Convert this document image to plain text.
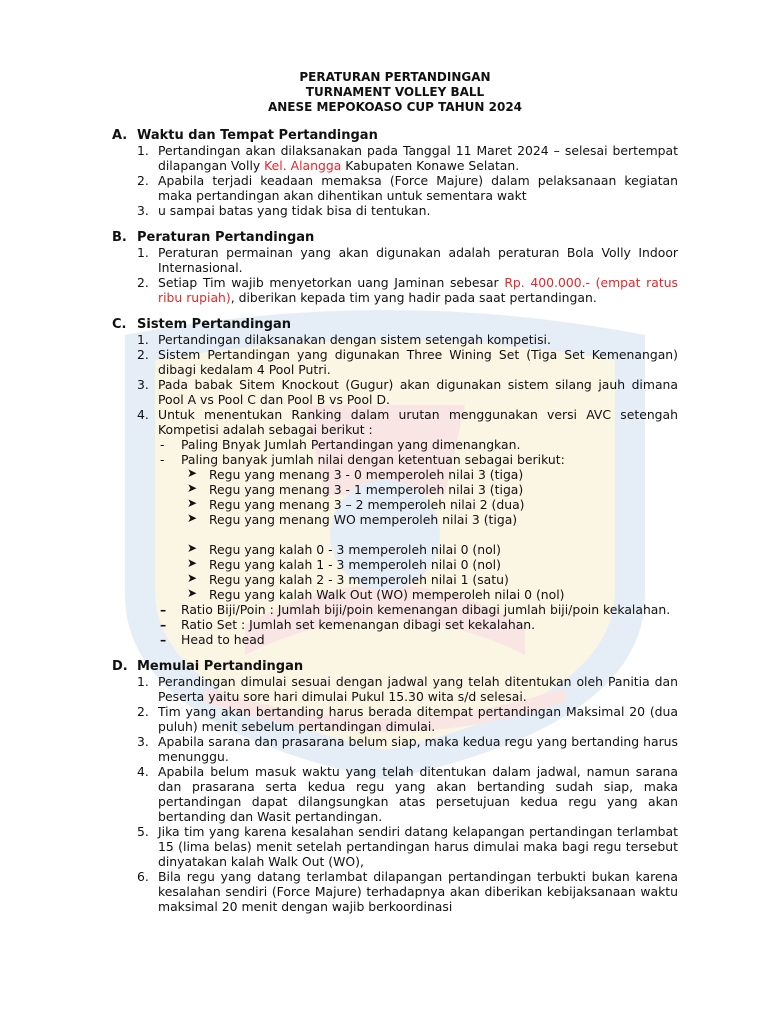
PERATURAN PERTANDINGAN
TURNAMENT VOLLEY BALL
ANESE MEPOKOASO CUP TAHUN 2024
A. Waktu dan Tempat Pertandingan
1. Pertandingan akan dilaksanakan pada Tanggal 11 Maret 2024 – selesai bertempat dilapangan Volly Kel. Alangga Kabupaten Konawe Selatan.
2. Apabila terjadi keadaan memaksa (Force Majure) dalam pelaksanaan kegiatan maka pertandingan akan dihentikan untuk sementara wakt
3. u sampai batas yang tidak bisa di tentukan.
B. Peraturan Pertandingan
1. Peraturan permainan yang akan digunakan adalah peraturan Bola Volly Indoor Internasional.
2. Setiap Tim wajib menyetorkan uang Jaminan sebesar Rp. 400.000.- (empat ratus ribu rupiah), diberikan kepada tim yang hadir pada saat pertandingan.
C. Sistem Pertandingan
1. Pertandingan dilaksanakan dengan sistem setengah kompetisi.
2. Sistem Pertandingan yang digunakan Three Wining Set (Tiga Set Kemenangan) dibagi kedalam 4 Pool Putri.
3. Pada babak Sitem Knockout (Gugur) akan digunakan sistem silang jauh dimana Pool A vs Pool C dan Pool B vs Pool D.
4. Untuk menentukan Ranking dalam urutan menggunakan versi AVC setengah Kompetisi adalah sebagai berikut :
- Paling Bnyak Jumlah Pertandingan yang dimenangkan.
- Paling banyak jumlah nilai dengan ketentuan sebagai berikut:
➤ Regu yang menang 3 - 0 memperoleh nilai 3 (tiga)
➤ Regu yang menang 3 - 1 memperoleh nilai 3 (tiga)
➤ Regu yang menang 3 – 2 memperoleh nilai 2 (dua)
➤ Regu yang menang WO memperoleh nilai 3 (tiga)
➤ Regu yang kalah 0 - 3 memperoleh nilai 0 (nol)
➤ Regu yang kalah 1 - 3 memperoleh nilai 0 (nol)
➤ Regu yang kalah 2 - 3 memperoleh nilai 1 (satu)
➤ Regu yang kalah Walk Out (WO) memperoleh nilai 0 (nol)
– Ratio Biji/Poin : Jumlah biji/poin kemenangan dibagi jumlah biji/poin kekalahan.
– Ratio Set : Jumlah set kemenangan dibagi set kekalahan.
– Head to head
D. Memulai Pertandingan
1. Perandingan dimulai sesuai dengan jadwal yang telah ditentukan oleh Panitia dan Peserta yaitu sore hari dimulai Pukul 15.30 wita s/d selesai.
2. Tim yang akan bertanding harus berada ditempat pertandingan Maksimal 20 (dua puluh) menit sebelum pertandingan dimulai.
3. Apabila sarana dan prasarana belum siap, maka kedua regu yang bertanding harus menunggu.
4. Apabila belum masuk waktu yang telah ditentukan dalam jadwal, namun sarana dan prasarana serta kedua regu yang akan bertanding sudah siap, maka pertandingan dapat dilangsungkan atas persetujuan kedua regu yang akan bertanding dan Wasit pertandingan.
5. Jika tim yang karena kesalahan sendiri datang kelapangan pertandingan terlambat 15 (lima belas) menit setelah pertandingan harus dimulai maka bagi regu tersebut dinyatakan kalah Walk Out (WO),
6. Bila regu yang datang terlambat dilapangan pertandingan terbukti bukan karena kesalahan sendiri (Force Majure) terhadapnya akan diberikan kebijaksanaan waktu maksimal 20 menit dengan wajib berkoordinasi
